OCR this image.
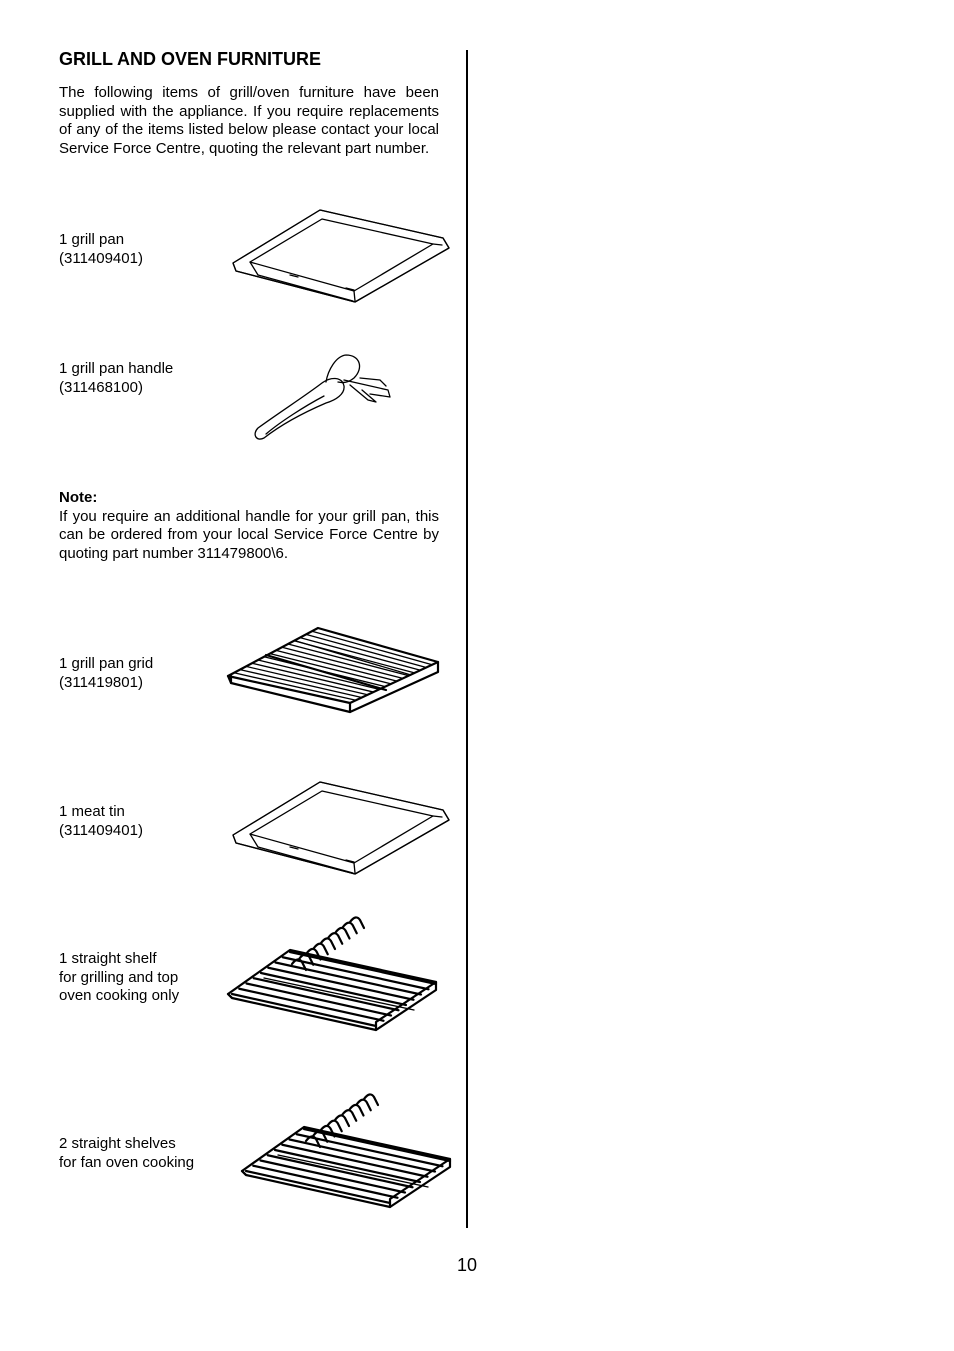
GRILL AND OVEN FURNITURE

The following items of grill/oven furniture have been supplied with the appliance. If you require replacements of any of the items listed below please contact your local Service Force Centre, quoting the relevant part number.

1 grill pan
(311409401)
1 grill pan handle
(311468100)
Note:
If you require an additional handle for your grill pan, this can be ordered from your local Service Force Centre by quoting part number 311479800\6.
1 grill pan grid
(311419801)
1 meat tin
(311409401)
1 straight shelf
for grilling and top
oven cooking only
2 straight shelves
for fan oven cooking
10
